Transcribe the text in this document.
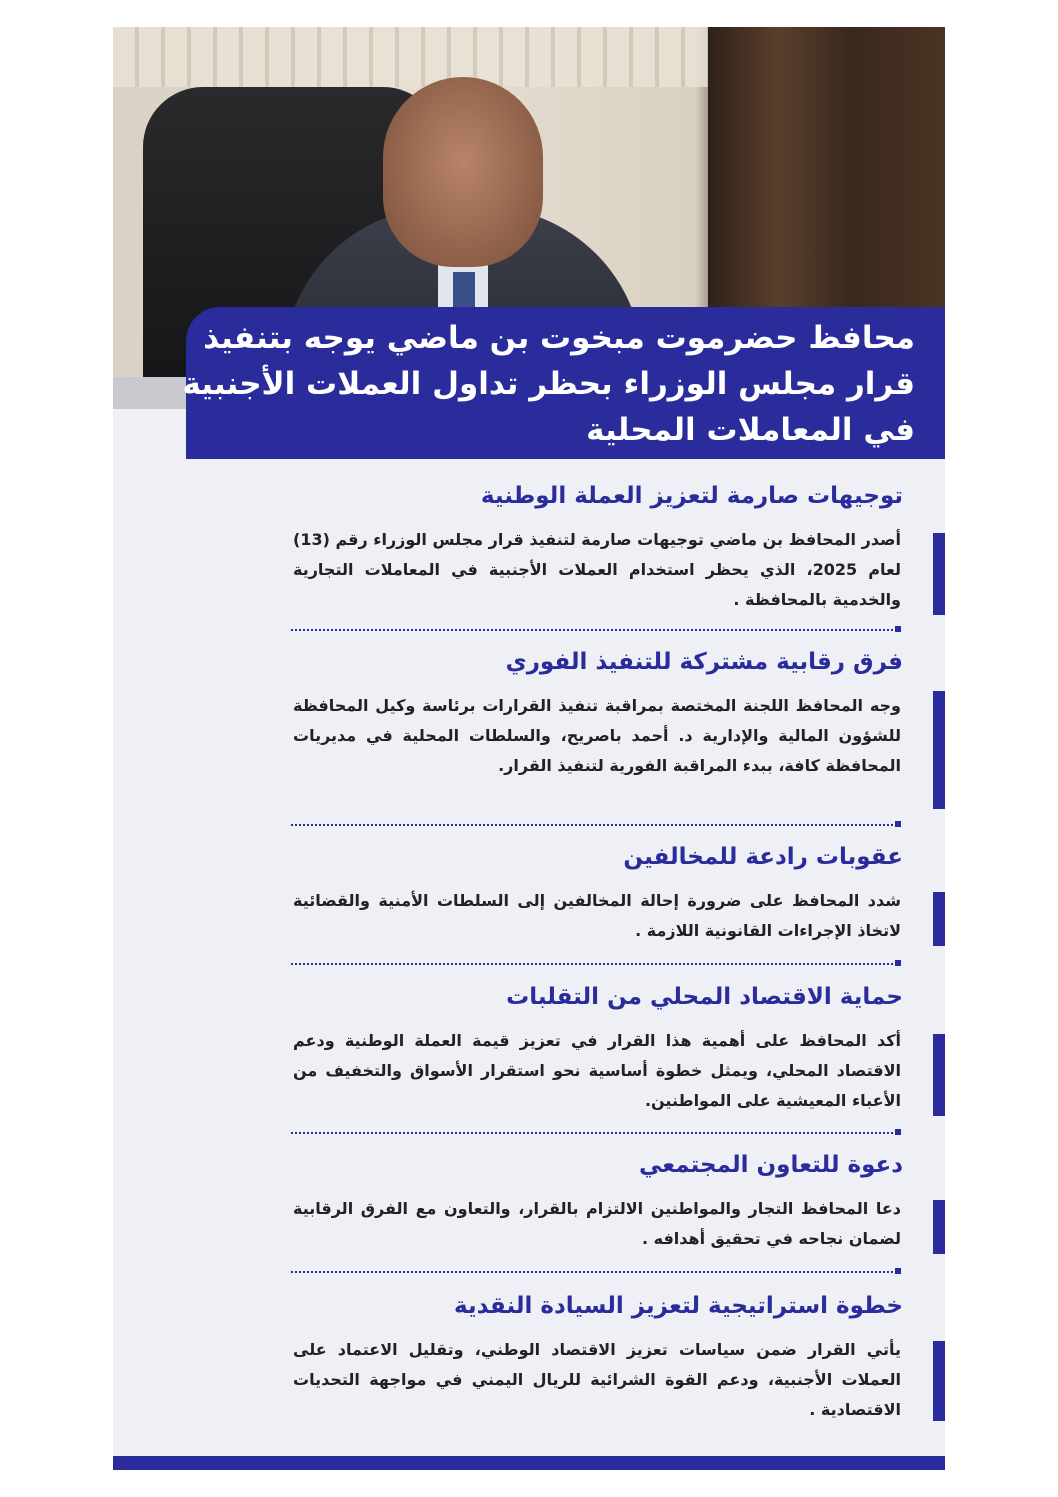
محافظ حضرموت مبخوت بن ماضي يوجه بتنفيذ
قرار مجلس الوزراء بحظر تداول العملات الأجنبية
في المعاملات المحلية
توجيهات صارمة لتعزيز العملة الوطنية

أصدر المحافظ بن ماضي توجيهات صارمة لتنفيذ قرار مجلس الوزراء رقم (13) لعام 2025، الذي يحظر استخدام العملات الأجنبية في المعاملات التجارية والخدمية بالمحافظة .

فرق رقابية مشتركة للتنفيذ الفوري

وجه المحافظ اللجنة المختصة بمراقبة تنفيذ القرارات برئاسة وكيل المحافظة للشؤون المالية والإدارية د. أحمد باصريح، والسلطات المحلية في مديريات المحافظة كافة، ببدء المراقبة الفورية لتنفيذ القرار.

عقوبات رادعة للمخالفين

شدد المحافظ على ضرورة إحالة المخالفين إلى السلطات الأمنية والقضائية لاتخاذ الإجراءات القانونية اللازمة .

حماية الاقتصاد المحلي من التقلبات

أكد المحافظ على أهمية هذا القرار في تعزيز قيمة العملة الوطنية ودعم الاقتصاد المحلي، ويمثل خطوة أساسية نحو استقرار الأسواق والتخفيف من الأعباء المعيشية على المواطنين.

دعوة للتعاون المجتمعي

دعا المحافظ التجار والمواطنين الالتزام بالقرار، والتعاون مع الفرق الرقابية لضمان نجاحه في تحقيق أهدافه .

خطوة استراتيجية لتعزيز السيادة النقدية

يأتي القرار ضمن سياسات تعزيز الاقتصاد الوطني، وتقليل الاعتماد على العملات الأجنبية، ودعم القوة الشرائية للريال اليمني في مواجهة التحديات الاقتصادية .
